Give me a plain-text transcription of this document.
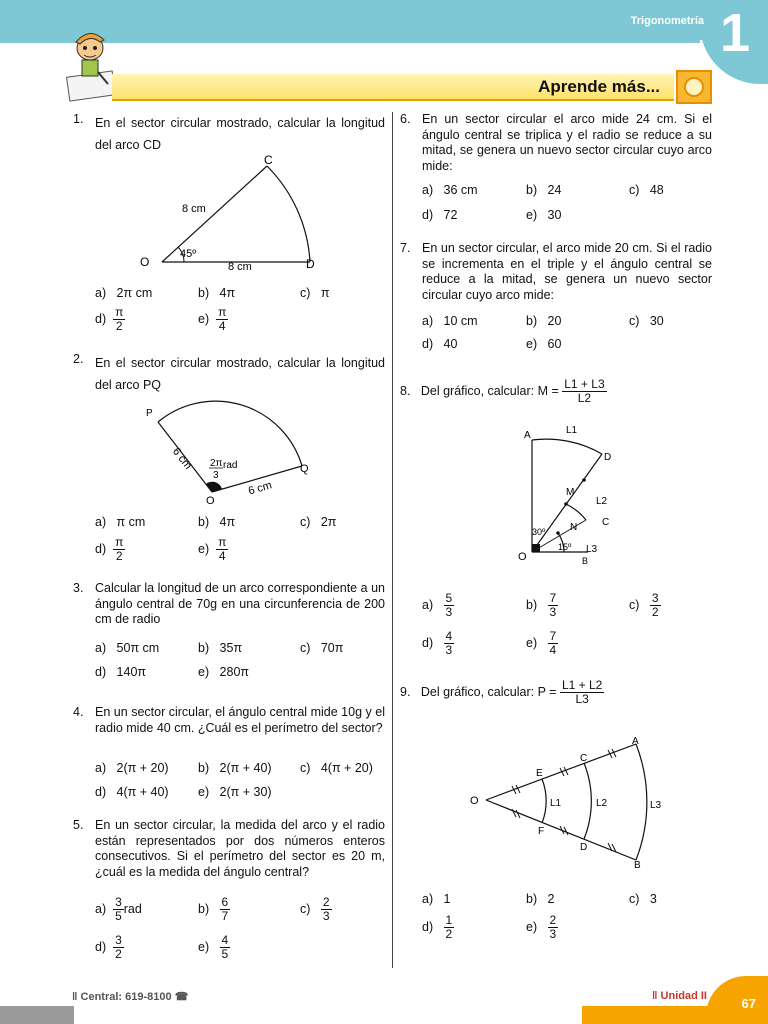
Trigonometría 1
Aprende más...
1. En el sector circular mostrado, calcular la longitud del arco CD
C
O	D
8 cm
8 cm
45º
a) 2π cm	b) 4π	c) π
$d) \frac{\pi}{2}$	$e) \frac{\pi}{4}$
2. En el sector circular mostrado, calcular la longitud del arco PQ
P
Q
O
6 cm
6 cm
2π rad
3
a) π cm	b) 4π	c) 2π
$d) \frac{\pi}{2}$	$e) \frac{\pi}{4}$
3. Calcular la longitud de un arco correspondiente a un ángulo central de 70g en una circunferencia de 200 cm de radio
a) 50π cm	b) 35π	c) 70π
d) 140π	e) 280π
4. En un sector circular, el ángulo central mide 10g y el radio mide 40 cm. ¿Cuál es el perímetro del sector?
a) 2(π + 20) b) 2(π + 40) c) 4(π + 20)
d) 4(π + 40) e) 2(π + 30)
5. En un sector circular, la medida del arco y el radio están representados por dos números enteros consecutivos. Si el perímetro del sector es 20 m, ¿cuál es la medida del ángulo central?
$a) \frac{3}{5}$ rad	$b) \frac{6}{7}$	$c) \frac{2}{3}$
$d) \frac{3}{2}$	$e) \frac{4}{5}$
6. En un sector circular el arco mide 24 cm. Si el ángulo central se triplica y el radio se reduce a su mitad, se genera un nuevo sector circular cuyo arco mide:
a) 36 cm	b) 24	c) 48
d) 72	e) 30
7. En un sector circular, el arco mide 20 cm. Si el radio se incrementa en el triple y el ángulo central se reduce a la mitad, se genera un nuevo sector circular cuyo arco mide:
a) 10 cm	b) 20	c) 30
d) 40	e) 60
8. Del gráfico, calcular: $M = \frac{L1 + L3}{L2}$
A	L1
D
M
L2
C
N
30º
15º L3
O	B
$a) \frac{5}{3}$	$b) \frac{7}{3}$	$c) \frac{3}{2}$
$d) \frac{4}{3}$	$e) \frac{7}{4}$
9. Del gráfico, calcular: $P = \frac{L1 + L2}{L3}$
A
C
E
O	L1	L2	L3
F
D
B
a) 1	b) 2	c) 3
$d) \frac{1}{2}$	$e) \frac{2}{3}$
‖ Central: 619-8100 ☎	‖ Unidad II	67
